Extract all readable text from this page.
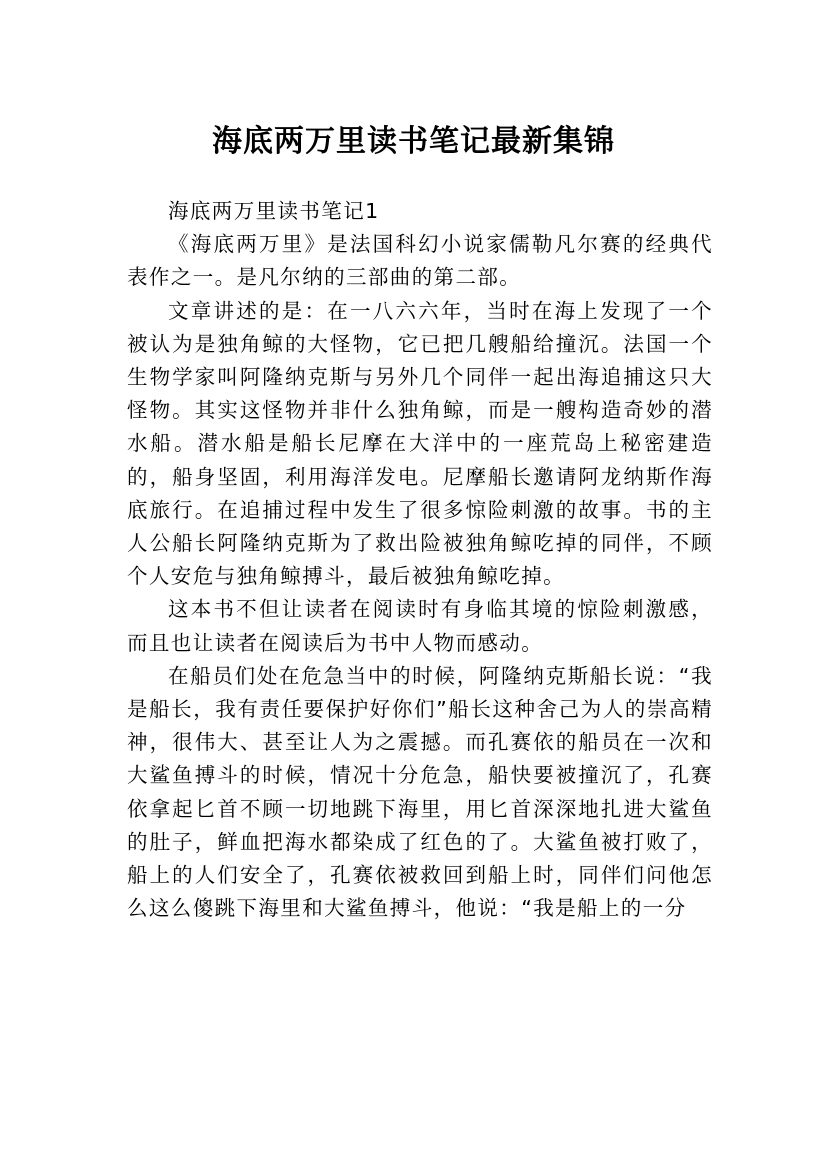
海底两万里读书笔记最新集锦

海底两万里读书笔记1

《海底两万里》是法国科幻小说家儒勒凡尔赛的经典代表作之一。是凡尔纳的三部曲的第二部。

文章讲述的是：在一八六六年，当时在海上发现了一个被认为是独角鲸的大怪物，它已把几艘船给撞沉。法国一个生物学家叫阿隆纳克斯与另外几个同伴一起出海追捕这只大怪物。其实这怪物并非什么独角鲸，而是一艘构造奇妙的潜水船。潜水船是船长尼摩在大洋中的一座荒岛上秘密建造的，船身坚固，利用海洋发电。尼摩船长邀请阿龙纳斯作海底旅行。在追捕过程中发生了很多惊险刺激的故事。书的主人公船长阿隆纳克斯为了救出险被独角鲸吃掉的同伴，不顾个人安危与独角鲸搏斗，最后被独角鲸吃掉。

这本书不但让读者在阅读时有身临其境的惊险刺激感，而且也让读者在阅读后为书中人物而感动。

在船员们处在危急当中的时候，阿隆纳克斯船长说：“我是船长，我有责任要保护好你们”船长这种舍己为人的崇高精神，很伟大、甚至让人为之震撼。而孔赛依的船员在一次和大鲨鱼搏斗的时候，情况十分危急，船快要被撞沉了，孔赛依拿起匕首不顾一切地跳下海里，用匕首深深地扎进大鲨鱼的肚子，鲜血把海水都染成了红色的了。大鲨鱼被打败了，船上的人们安全了，孔赛依被救回到船上时，同伴们问他怎么这么傻跳下海里和大鲨鱼搏斗，他说：“我是船上的一分
